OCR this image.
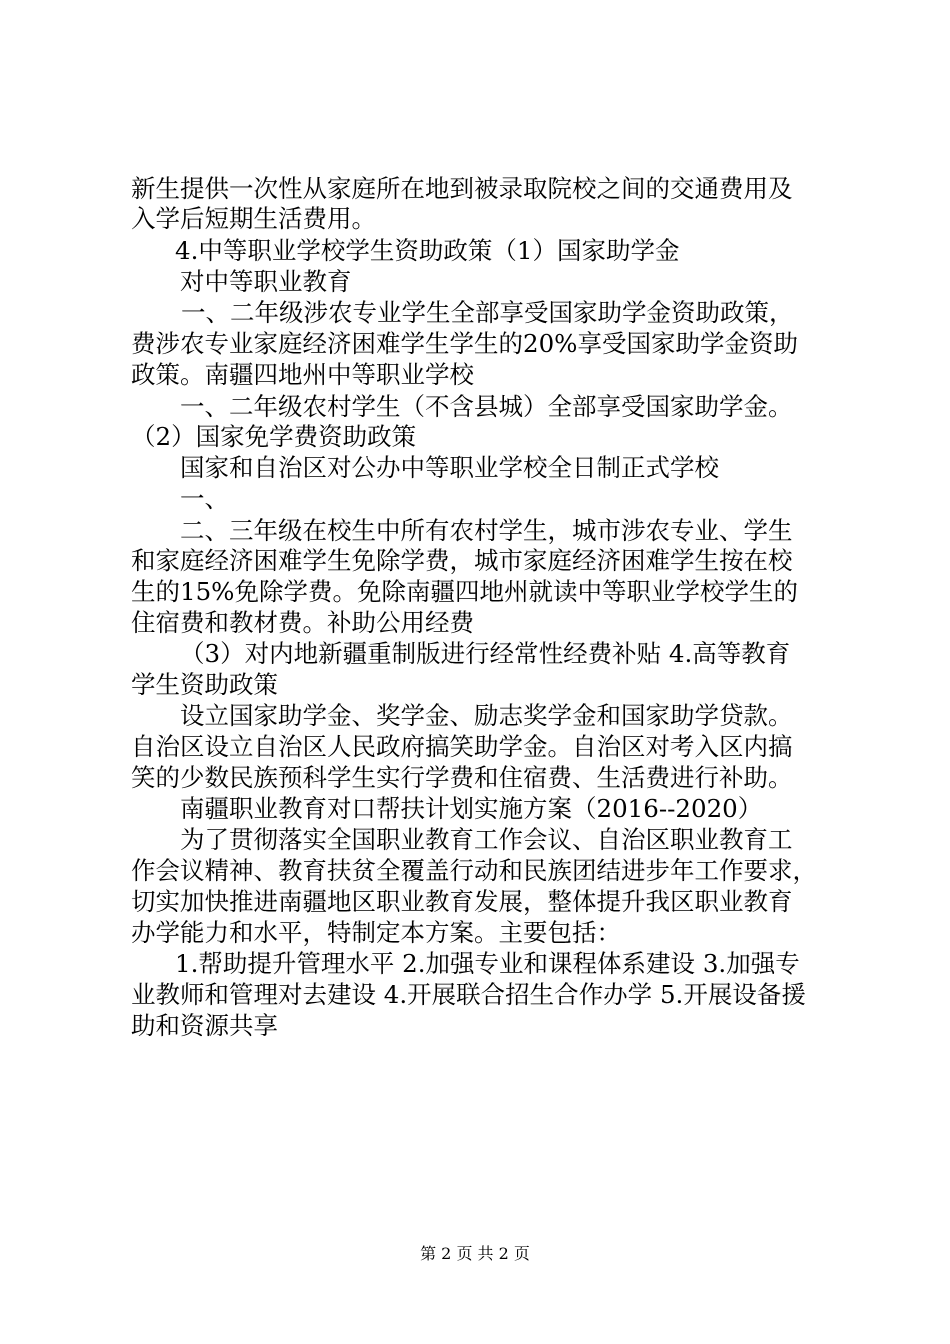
新生提供一次性从家庭所在地到被录取院校之间的交通费用及
入学后短期生活费用。
4.中等职业学校学生资助政策（1）国家助学金
对中等职业教育
一、二年级涉农专业学生全部享受国家助学金资助政策，
费涉农专业家庭经济困难学生学生的20%享受国家助学金资助
政策。南疆四地州中等职业学校
一、二年级农村学生（不含县城）全部享受国家助学金。
（2）国家免学费资助政策
国家和自治区对公办中等职业学校全日制正式学校
一、
二、三年级在校生中所有农村学生，城市涉农专业、学生
和家庭经济困难学生免除学费，城市家庭经济困难学生按在校
生的15%免除学费。免除南疆四地州就读中等职业学校学生的
住宿费和教材费。补助公用经费
（3）对内地新疆重制版进行经常性经费补贴 4.高等教育
学生资助政策
设立国家助学金、奖学金、励志奖学金和国家助学贷款。
自治区设立自治区人民政府搞笑助学金。自治区对考入区内搞
笑的少数民族预科学生实行学费和住宿费、生活费进行补助。
南疆职业教育对口帮扶计划实施方案（2016--2020）
为了贯彻落实全国职业教育工作会议、自治区职业教育工
作会议精神、教育扶贫全覆盖行动和民族团结进步年工作要求，
切实加快推进南疆地区职业教育发展，整体提升我区职业教育
办学能力和水平，特制定本方案。主要包括：
1.帮助提升管理水平 2.加强专业和课程体系建设 3.加强专
业教师和管理对去建设 4.开展联合招生合作办学 5.开展设备援
助和资源共享
第 2 页 共 2 页
